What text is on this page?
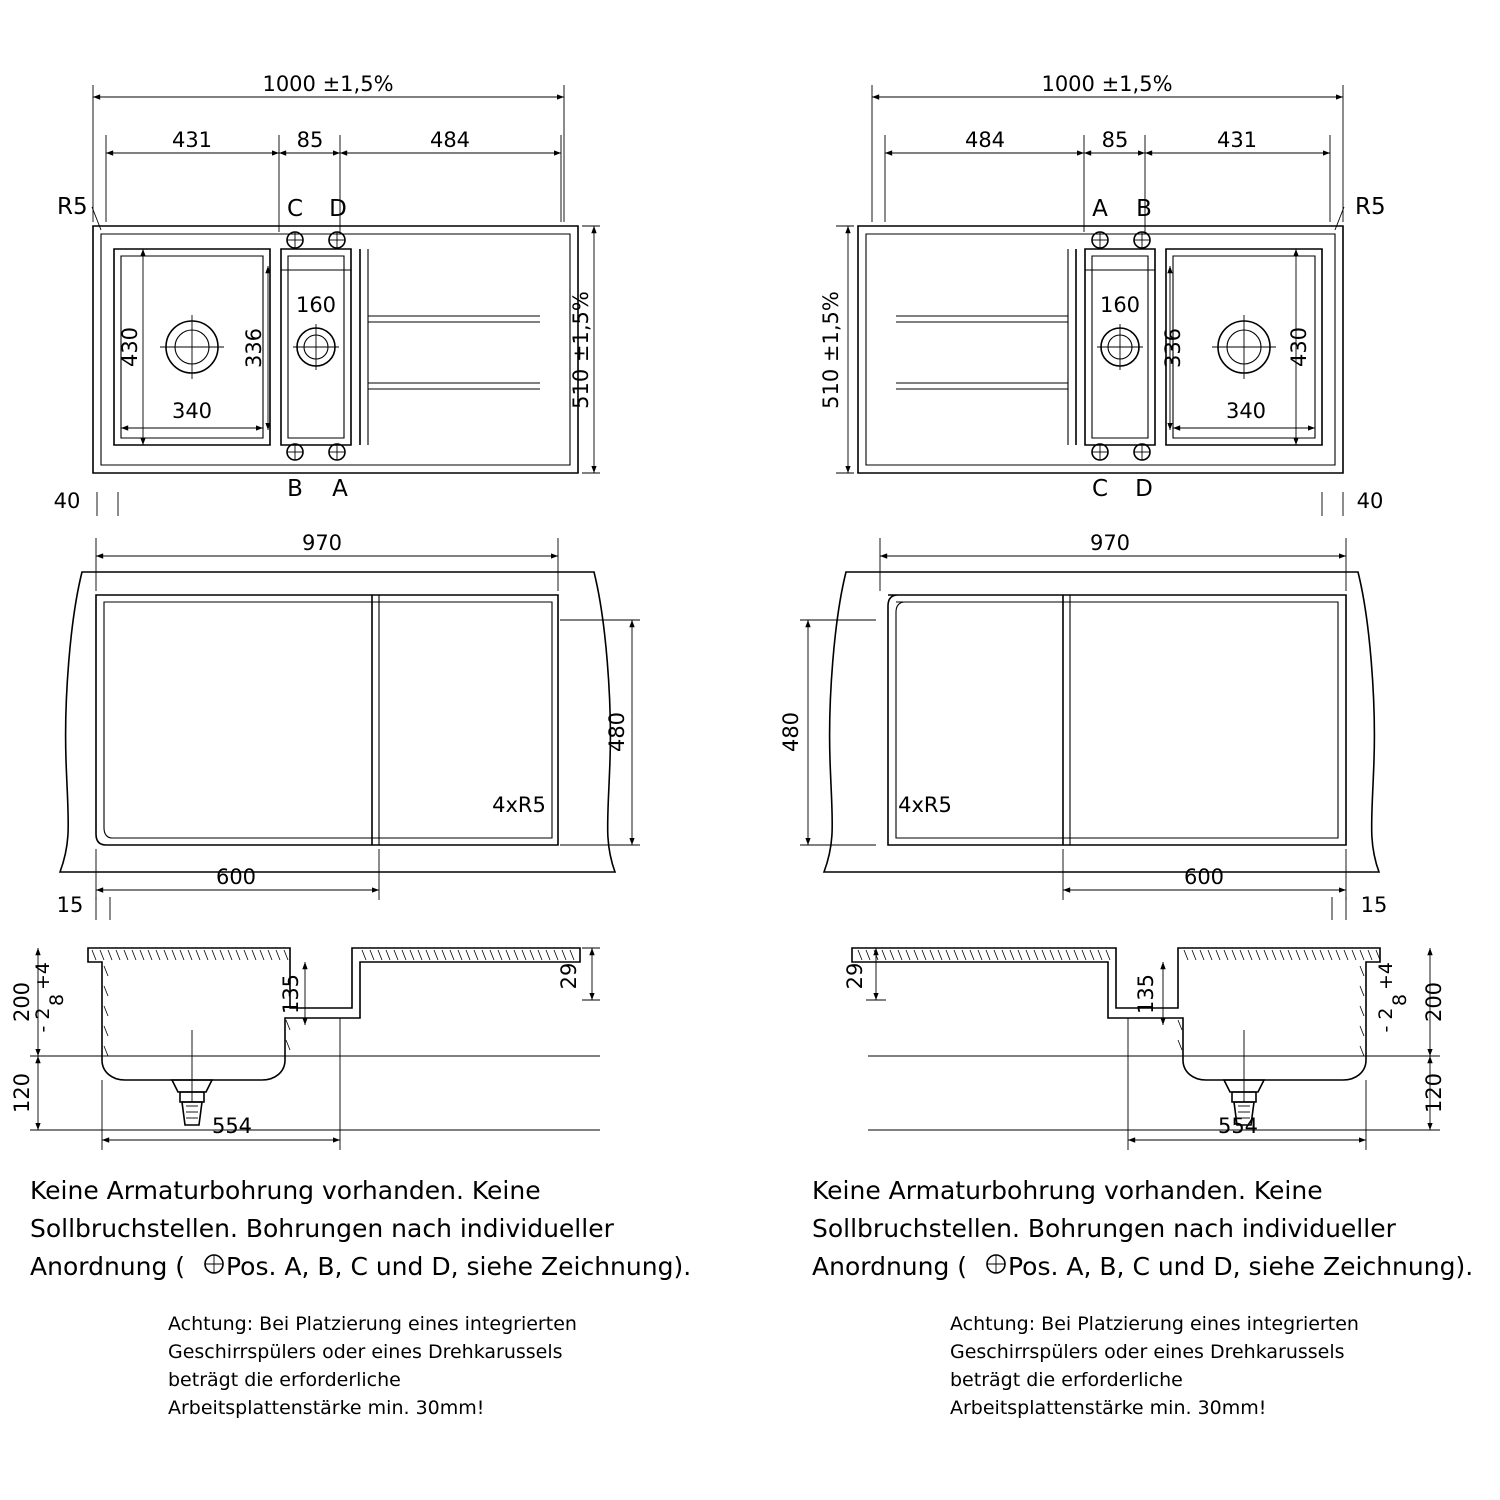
1000 ±1,5%
431	85	484
R5	C D
B A
510 ±1,5%
430
340
336
160
40
1000 ±1,5%
484	85	431
R5
A B
C D
510 ±1,5%	430
340
336
160
40
970
480
4xR5
600
15
970
480
4xR5
600
15
200 8
+4
- 2
120
135	29
554
200
8
+4
- 2
120
135
29
554
Keine Armaturbohrung vorhanden. Keine
Sollbruchstellen. Bohrungen nach individueller
Anordnung ( Pos. A, B, C und D, siehe Zeichnung).
Keine Armaturbohrung vorhanden. Keine
Sollbruchstellen. Bohrungen nach individueller
Anordnung ( Pos. A, B, C und D, siehe Zeichnung).
Achtung: Bei Platzierung eines integrierten
Geschirrspülers oder eines Drehkarussels
beträgt die erforderliche
Arbeitsplattenstärke min. 30mm!
Achtung: Bei Platzierung eines integrierten
Geschirrspülers oder eines Drehkarussels
beträgt die erforderliche
Arbeitsplattenstärke min. 30mm!
